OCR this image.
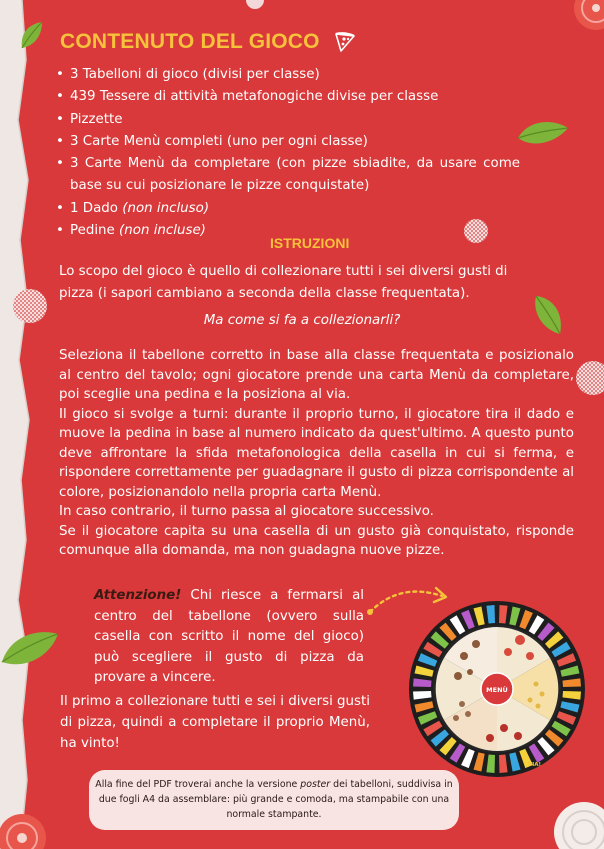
CONTENUTO DEL GIOCO
• 3 Tabelloni di gioco (divisi per classe)
• 439 Tessere di attività metafonogiche divise per classe
• Pizzette
• 3 Carte Menù completi (uno per ogni classe)
• 3 Carte Menù da completare (con pizze sbiadite, da usare come base su cui posizionare le pizze conquistate)
• 1 Dado (non incluso)
• Pedine (non incluse)
ISTRUZIONI

Lo scopo del gioco è quello di collezionare tutti i sei diversi gusti di pizza (i sapori cambiano a seconda della classe frequentata).

Ma come si fa a collezionarli?

Seleziona il tabellone corretto in base alla classe frequentata e posizionalo al centro del tavolo; ogni giocatore prende una carta Menù da completare, poi sceglie una pedina e la posiziona al via.
Il gioco si svolge a turni: durante il proprio turno, il giocatore tira il dado e muove la pedina in base al numero indicato da quest'ultimo. A questo punto deve affrontare la sfida metafonologica della casella in cui si ferma, e rispondere correttamente per guadagnare il gusto di pizza corrispondente al colore, posizionandolo nella propria carta Menù.
In caso contrario, il turno passa al giocatore successivo.
Se il giocatore capita su una casella di un gusto già conquistato, risponde comunque alla domanda, ma non guadagna nuove pizze.

Attenzione! Chi riesce a fermarsi al centro del tabellone (ovvero sulla casella con scritto il nome del gioco) può scegliere il gusto di pizza da provare a vincere.

MENÙ
VIA!

Il primo a collezionare tutti e sei i diversi gusti di pizza, quindi a completare il proprio Menù, ha vinto!

Alla fine del PDF troverai anche la versione poster dei tabelloni, suddivisa in due fogli A4 da assemblare: più grande e comoda, ma stampabile con una normale stampante.
